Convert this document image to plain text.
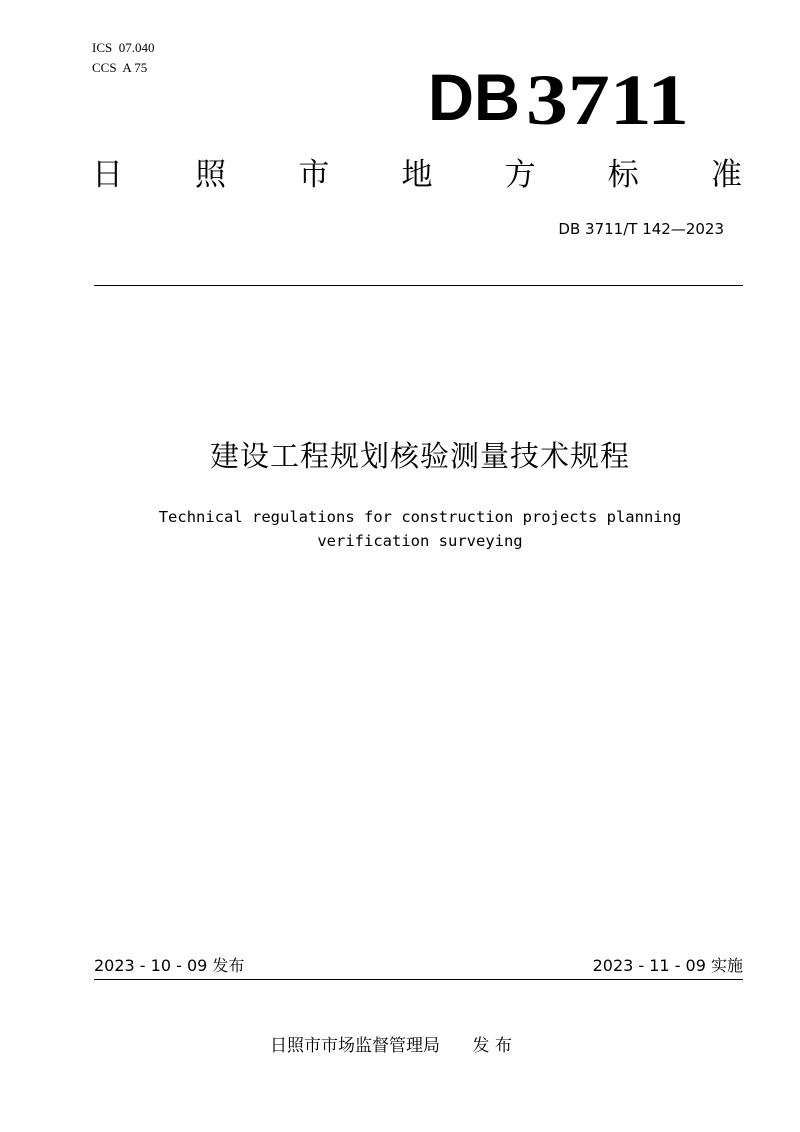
ICS  07.040
CCS  A 75	DB 3711
日 照 市 地 方 标 准
DB 3711/T 142—2023
建设工程规划核验测量技术规程
Technical regulations for construction projects planning
verification surveying
2023 - 10 - 09 发布	2023 - 11 - 09 实施
日照市市场监督管理局      发 布
